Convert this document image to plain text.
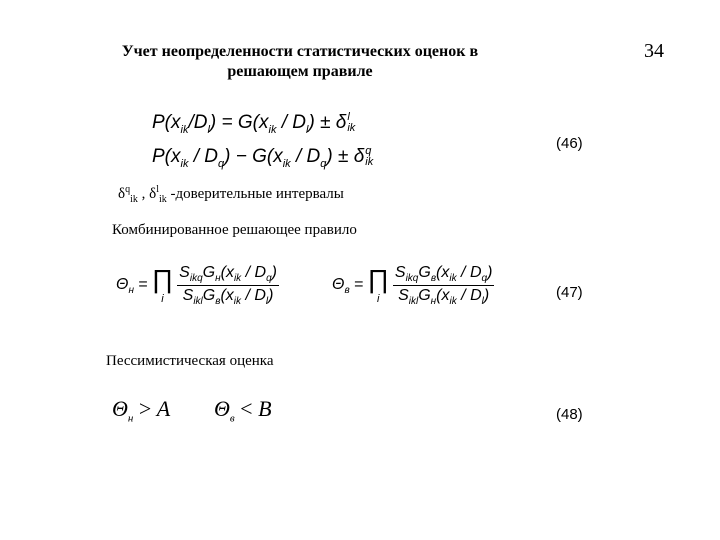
Учет неопределенности статистических оценок в
решающем правиле
34
$P(x_{ik}/D_l) = G(x_{ik} / D_l) \pm \delta$ l
ik
$P(x_{ik} / D_q) - G(x_{ik} / D_q) \pm \delta$ q
ik
(46)
$\delta^q_{ik}$ , $\delta^l_{ik}$ -доверительные интервалы
Комбинированное решающее правило
$\Theta_н$ = ∏
i $\frac{S_{ikq}G_н(x_{ik} / D_q)}{S_{ikl}G_в(x_{ik} / D_l)}$	$\Theta_в$ = ∏
i $\frac{S_{ikq}G_в(x_{ik} / D_q)}{S_{ikl}G_н(x_{ik} / D_l)}$	(47)
Пессимистическая оценка
$\Theta_н > A$ $\Theta_в < B$	(48)
